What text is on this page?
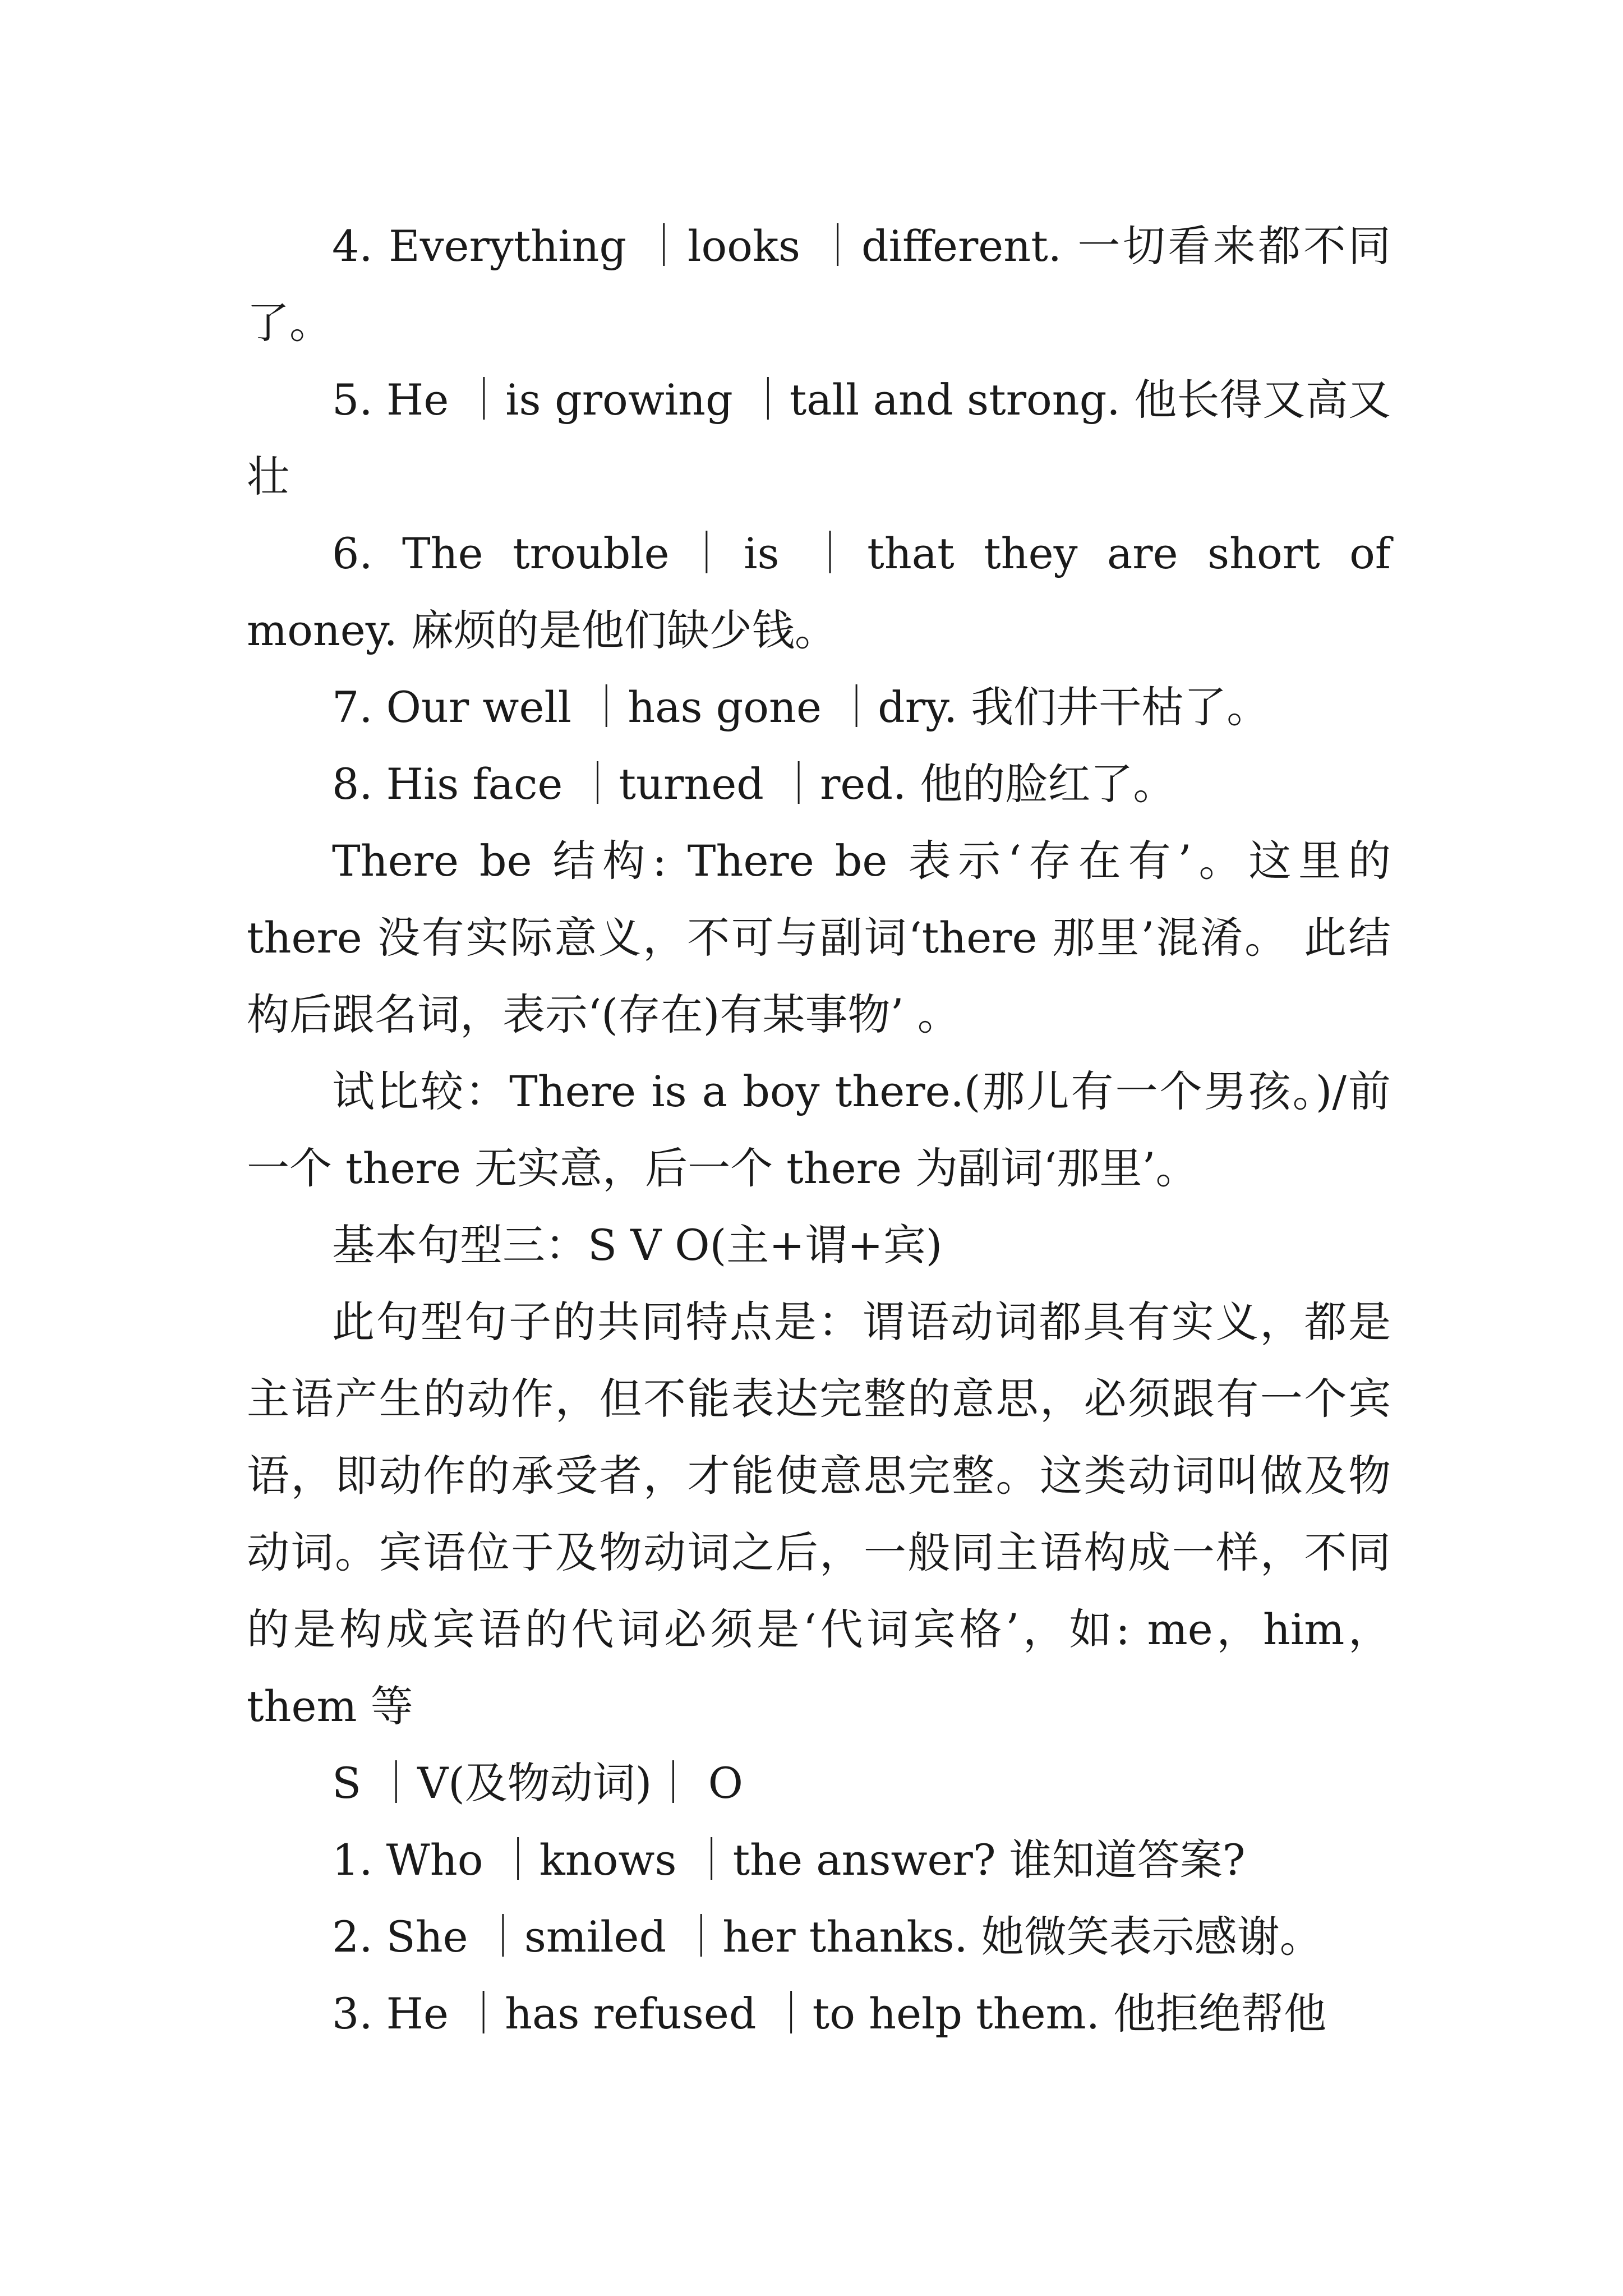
4. Everything ｜looks ｜different. 一切看来都不同了。

5. He ｜is growing ｜tall and strong. 他长得又高又壮

6. The trouble｜is ｜that they are short of money. 麻烦的是他们缺少钱。

7. Our well ｜has gone ｜dry. 我们井干枯了。

8. His face ｜turned ｜red. 他的脸红了。

There be 结构: There be 表示‘存在有’。这里的 there 没有实际意义，不可与副词‘there 那里’混淆。 此结构后跟名词，表示‘(存在)有某事物’ 。

试比较：There is a boy there.(那儿有一个男孩。)/前一个 there 无实意，后一个 there 为副词‘那里’。

基本句型三：S V O(主+谓+宾)

此句型句子的共同特点是：谓语动词都具有实义，都是主语产生的动作，但不能表达完整的意思，必须跟有一个宾语，即动作的承受者，才能使意思完整。这类动词叫做及物动词。宾语位于及物动词之后，一般同主语构成一样，不同的是构成宾语的代词必须是‘代词宾格’，如: me，him，them 等

S ｜V(及物动词)｜ O

1. Who ｜knows ｜the answer? 谁知道答案?

2. She ｜smiled ｜her thanks. 她微笑表示感谢。

3. He ｜has refused ｜to help them. 他拒绝帮他
